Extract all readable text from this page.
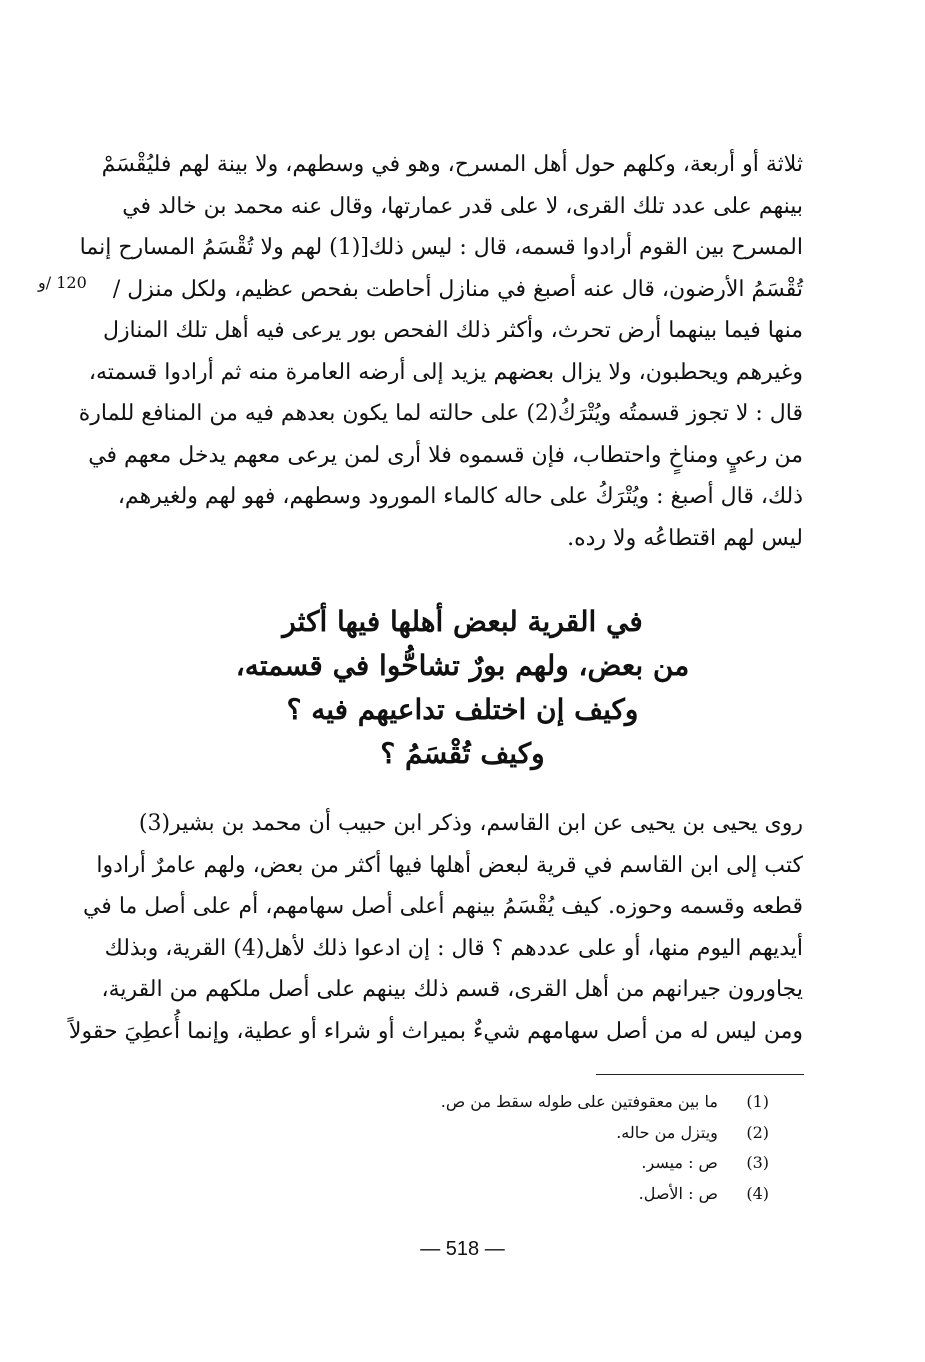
120 /و
ثلاثة أو أربعة، وكلهم حول أهل المسرح، وهو في وسطهم، ولا بينة لهم فليُقْسَمْ
بينهم على عدد تلك القرى، لا على قدر عمارتها، وقال عنه محمد بن خالد في
المسرح بين القوم أرادوا قسمه، قال : ليس ذلك[(1) لهم ولا تُقْسَمُ المسارح إنما
تُقْسَمُ الأرضون، قال عنه أصبغ في منازل أحاطت بفحص عظيم، ولكل منزل /
منها فيما بينهما أرض تحرث، وأكثر ذلك الفحص بور يرعى فيه أهل تلك المنازل
وغيرهم ويحطبون، ولا يزال بعضهم يزيد إلى أرضه العامرة منه ثم أرادوا قسمته،
قال : لا تجوز قسمتُه ويُتْرَكُ(2) على حالته لما يكون بعدهم فيه من المنافع للمارة
من رعيٍ ومناخٍ واحتطاب، فإن قسموه فلا أرى لمن يرعى معهم يدخل معهم في
ذلك، قال أصبغ : ويُتْرَكُ على حاله كالماء المورود وسطهم، فهو لهم ولغيرهم،
ليس لهم اقتطاعُه ولا رده.
في القرية لبعض أهلها فيها أكثر
من بعض، ولهم بورٌ تشاحُّوا في قسمته،
وكيف إن اختلف تداعيهم فيه ؟
وكيف تُقْسَمُ ؟
روى يحيى بن يحيى عن ابن القاسم، وذكر ابن حبيب أن محمد بن بشير(3)
كتب إلى ابن القاسم في قرية لبعض أهلها فيها أكثر من بعض، ولهم عامرٌ أرادوا
قطعه وقسمه وحوزه. كيف يُقْسَمُ بينهم أعلى أصل سهامهم، أم على أصل ما في
أيديهم اليوم منها، أو على عددهم ؟ قال : إن ادعوا ذلك لأهل(4) القرية، وبذلك
يجاورون جيرانهم من أهل القرى، قسم ذلك بينهم على أصل ملكهم من القرية،
ومن ليس له من أصل سهامهم شيءٌ بميراث أو شراء أو عطية، وإنما أُعطِيَ حقولاً
(1) ما بين معقوفتين على طوله سقط من ص.
(2) ويتزل من حاله.
(3) ص : ميسر.
(4) ص : الأصل.
— 518 —
